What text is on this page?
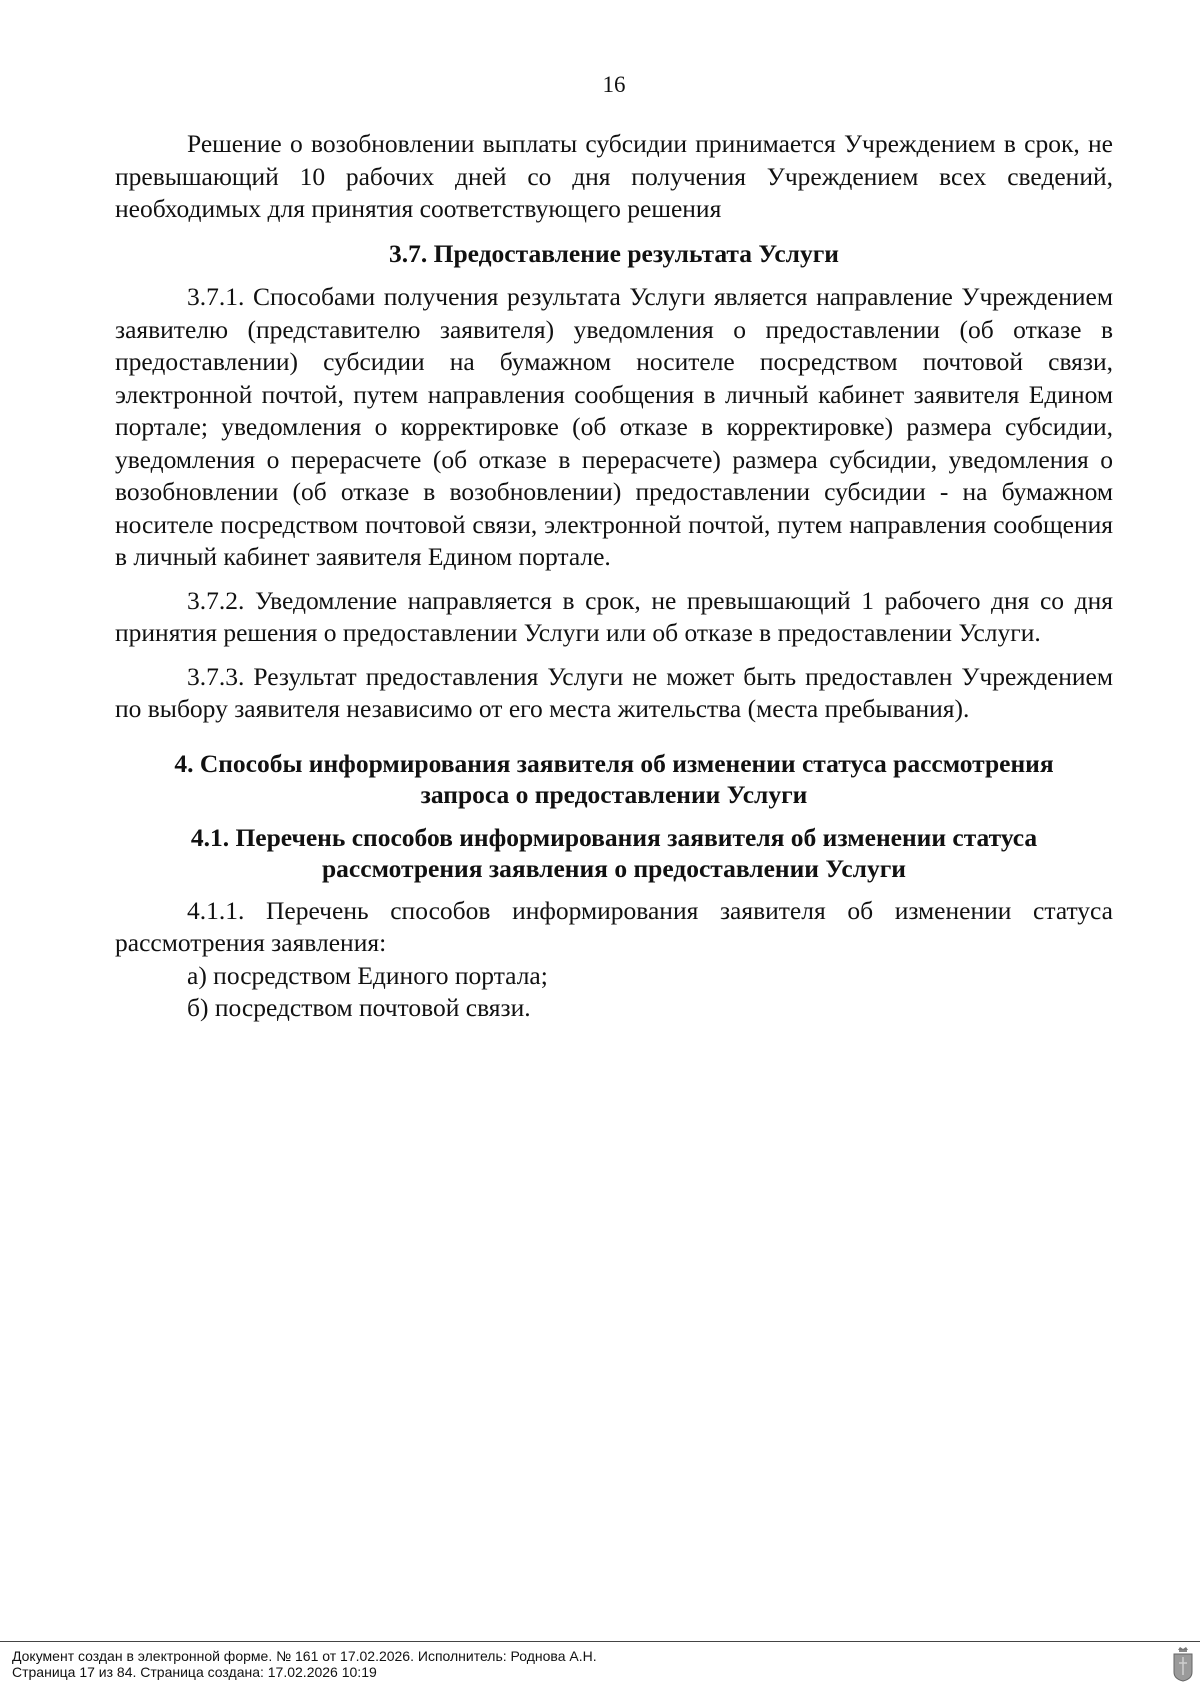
16

Решение о возобновлении выплаты субсидии принимается Учреждением в срок, не превышающий 10 рабочих дней со дня получения Учреждением всех сведений, необходимых для принятия соответствующего решения

3.7. Предоставление результата Услуги

3.7.1. Способами получения результата Услуги является направление Учреждением заявителю (представителю заявителя) уведомления о предоставлении (об отказе в предоставлении) субсидии на бумажном носителе посредством почтовой связи, электронной почтой, путем направления сообщения в личный кабинет заявителя Едином портале; уведомления о корректировке (об отказе в корректировке) размера субсидии, уведомления о перерасчете (об отказе в перерасчете) размера субсидии, уведомления о возобновлении (об отказе в возобновлении) предоставлении субсидии - на бумажном носителе посредством почтовой связи, электронной почтой, путем направления сообщения в личный кабинет заявителя Едином портале.

3.7.2. Уведомление направляется в срок, не превышающий 1 рабочего дня со дня принятия решения о предоставлении Услуги или об отказе в предоставлении Услуги.

3.7.3. Результат предоставления Услуги не может быть предоставлен Учреждением по выбору заявителя независимо от его места жительства (места пребывания).

4. Способы информирования заявителя об изменении статуса рассмотрения
запроса о предоставлении Услуги
4.1. Перечень способов информирования заявителя об изменении статуса
рассмотрения заявления о предоставлении Услуги

4.1.1. Перечень способов информирования заявителя об изменении статуса рассмотрения заявления:

а) посредством Единого портала;

б) посредством почтовой связи.

Документ создан в электронной форме. № 161 от 17.02.2026. Исполнитель: Роднова А.Н.
Страница 17 из 84. Страница создана: 17.02.2026 10:19
